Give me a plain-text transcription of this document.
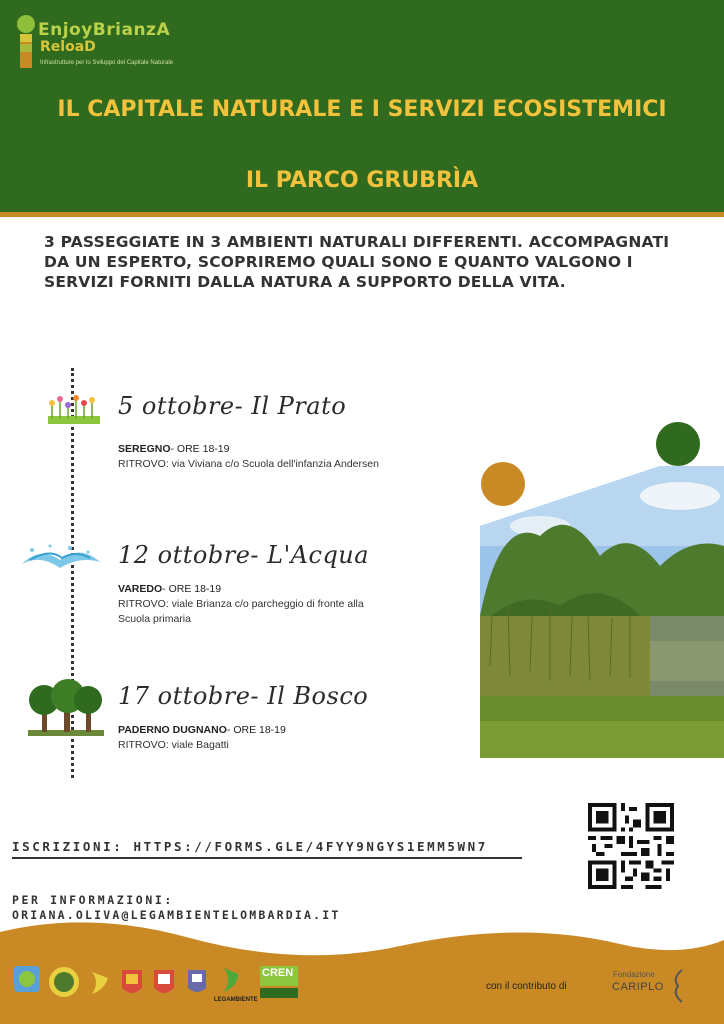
EnjoyBrianzA
ReloaD
Infrastrutture per lo Sviluppo del Capitale Naturale
IL CAPITALE NATURALE E I SERVIZI ECOSISTEMICI
IL PARCO GRUBRÌA
3 PASSEGGIATE IN 3 AMBIENTI NATURALI DIFFERENTI. ACCOMPAGNATI DA UN ESPERTO, SCOPRIREMO QUALI SONO E QUANTO VALGONO I SERVIZI FORNITI DALLA NATURA A SUPPORTO DELLA VITA.
5 ottobre- Il Prato
SEREGNO- ORE 18-19
RITROVO: via Viviana c/o Scuola dell'infanzia Andersen
12 ottobre- L'Acqua
VAREDO- ORE 18-19
RITROVO: viale Brianza c/o parcheggio di fronte alla Scuola primaria
17 ottobre- Il Bosco
PADERNO DUGNANO- ORE 18-19
RITROVO: viale Bagatti
ISCRIZIONI: HTTPS://FORMS.GLE/4FYY9NGYS1EMM5WN7
PER INFORMAZIONI:
ORIANA.OLIVA@LEGAMBIENTELOMBARDIA.IT
LEGAMBIENTE
CREN
con il contributo di
Fondazione
CARIPLO
